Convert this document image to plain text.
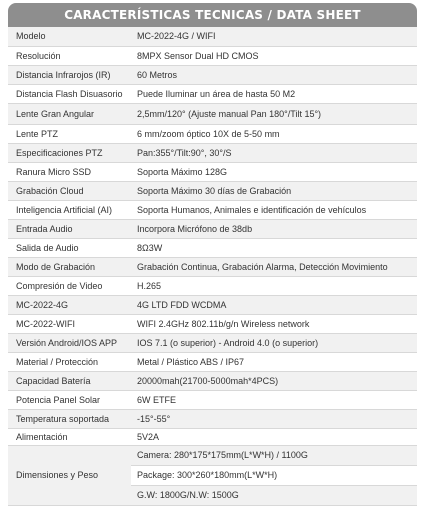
CARACTERÍSTICAS TECNICAS / DATA SHEET
Modelo	MC-2022-4G / WIFI
Resolución	8MPX Sensor Dual HD CMOS
Distancia Infrarojos (IR)	60 Metros
Distancia Flash Disuasorio	Puede Iluminar un área de hasta 50 M2
Lente Gran Angular	2,5mm/120° (Ajuste manual Pan 180°/Tilt 15°)
Lente PTZ	6 mm/zoom óptico 10X de 5-50 mm
Especificaciones PTZ	Pan:355°/Tilt:90°, 30°/S
Ranura Micro SSD	Soporta Máximo 128G
Grabación Cloud	Soporta Máximo 30 días de Grabación
Inteligencia Artificial (AI)	Soporta Humanos, Animales e identificación de vehículos
Entrada Audio	Incorpora Micrófono de 38db
Salida de Audio	8Ω3W
Modo de Grabación	Grabación Continua, Grabación Alarma, Detección Movimiento
Compresión de Video	H.265
MC-2022-4G	4G LTD FDD WCDMA
MC-2022-WIFI	WIFI 2.4GHz 802.11b/g/n Wireless network
Versión Android/IOS APP	IOS 7.1 (o superior) - Android 4.0 (o superior)
Material / Protección	Metal / Plástico ABS / IP67
Capacidad Batería	20000mah(21700-5000mah*4PCS)
Potencia Panel Solar	6W ETFE
Temperatura soportada	-15°-55°
Alimentación	5V2A
Dimensiones y Peso	Camera: 280*175*175mm(L*W*H) / 1100G
Package: 300*260*180mm(L*W*H)
G.W: 1800G/N.W: 1500G
